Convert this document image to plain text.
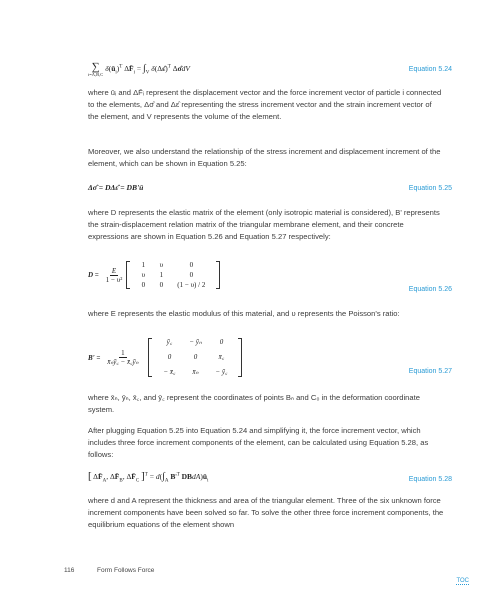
∑
i=Λ,B,C
$\delta(ū_i)^T$ $\Delta F̄_i = \int_V$ δ(Δε̂)$^T$ Δσ̂dV	Equation 5.24
where ūᵢ and ΔF̄ᵢ represent the displacement vector and the force increment vector of particle i connected to the elements, Δσ̂ and Δε̂ representing the stress increment vector and the strain increment vector of the element, and V represents the volume of the element.
Moreover, we also understand the relationship of the stress increment and displacement increment of the element, which can be shown in Equation 5.25:
Δσ̂ = DΔε̂ = DB'ū	Equation 5.25
where D represents the elastic matrix of the element (only isotropic material is considered), B' represents the strain-displacement relation matrix of the triangular membrane element, and their concrete expressions are shown in Equation 5.26 and Equation 5.27 respectively:
$D = \frac{E}{\text{1 − υ²}}$
1	υ	0
υ	1	0
0	0	(1 − υ) / 2
Equation 5.26
where E represents the elastic modulus of this material, and υ represents the Poisson's ratio:
$B' = \frac{1}{\text{x̄ₙȳ꜀ − x̄꜀ȳₙ}}$
ȳ꜀	− ȳₙ	0
0	0	x̄꜀
− x̄꜀	x̄ₙ	− ȳ꜀	Equation 5.27
where x̄ₙ, ȳₙ, x̄꜀, and ȳ꜀ represent the coordinates of points Bₙ and C₀ in the deformation coordinate system.
After plugging Equation 5.25 into Equation 5.24 and simplifying it, the force increment vector, which includes three force increment components of the element, can be calculated using Equation 5.28, as follows:
[ $\Delta F̄_A$, $\Delta F̄_B$, $\Delta F̄_C$ ]$^T = d(\int_A$ $B'^T$ $DBdA)ū_i$	Equation 5.28
where d and A represent the thickness and area of the triangular element. Three of the six unknown force increment components have been solved so far. To solve the other three force increment components, the equilibrium equations of the element shown
116	Form Follows Force
TOC
